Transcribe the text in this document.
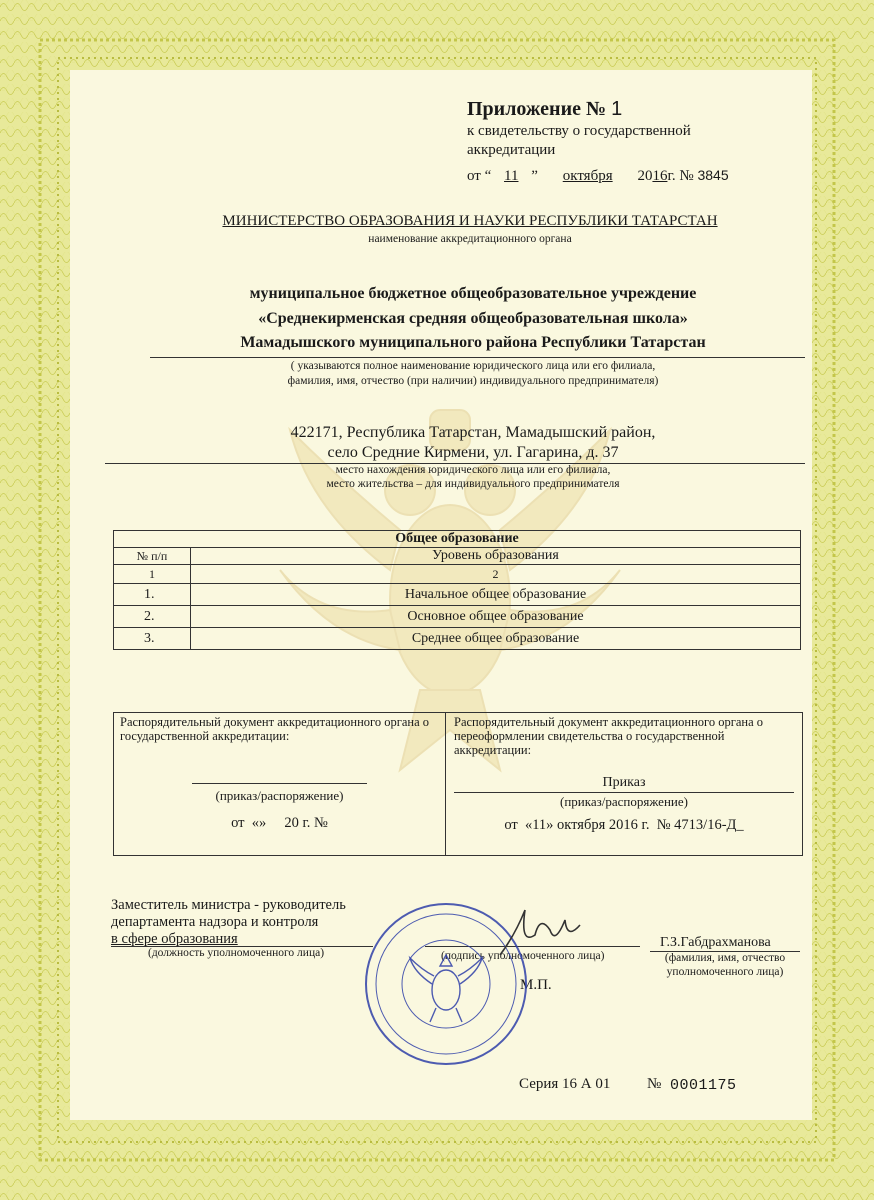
Приложение № 1
к свидетельству о государственной
аккредитации
от “ 11 ” октября 2016г. № 3845
МИНИСТЕРСТВО ОБРАЗОВАНИЯ И НАУКИ РЕСПУБЛИКИ ТАТАРСТАН
наименование аккредитационного органа
муниципальное бюджетное общеобразовательное учреждение
«Среднекирменская средняя общеобразовательная школа»
Мамадышского муниципального района Республики Татарстан
( указываются полное наименование юридического лица или его филиала,
фамилия, имя, отчество (при наличии) индивидуального предпринимателя)
422171, Республика Татарстан, Мамадышский район,
село Средние Кирмени, ул. Гагарина, д. 37
место нахождения юридического лица или его филиала,
место жительства – для индивидуального предпринимателя
Общее образование	
№ п/п	Уровень образования
1	2
1.	Начальное общее образование
2.	Основное общее образование
3.	Среднее общее образование
Распорядительный документ аккредитационного органа о государственной аккредитации:
(приказ/распоряжение)
от  «»     20 г. №
Распорядительный документ аккредитационного органа о переоформлении свидетельства о государственной аккредитации:
Приказ
(приказ/распоряжение)
от  «11» октября 2016 г.  № 4713/16-Д_
Заместитель министра - руководитель
департамента надзора и контроля
в сфере образования
(должность уполномоченного лица)	(подпись уполномоченного лица)
Г.З.Габдрахманова
(фамилия, имя, отчество
уполномоченного лица)
М.П.
Серия 16 А 01 № 0001175
